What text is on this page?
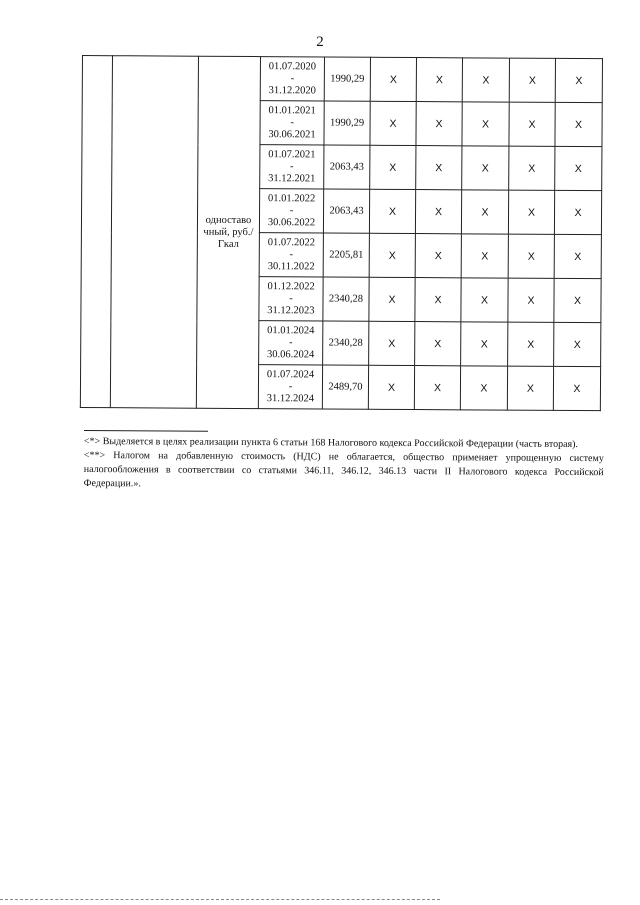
2
		одноставо чный, руб./Гкал	01.07.2020
-
31.12.2020	1990,29	X	X	X	X	X

			01.01.2021
-
30.06.2021	1990,29	X	X	X	X	X

			01.07.2021
-
31.12.2021	2063,43	X	X	X	X	X

			01.01.2022
-
30.06.2022	2063,43	X	X	X	X	X

			01.07.2022
-
30.11.2022	2205,81	X	X	X	X	X

			01.12.2022
-
31.12.2023	2340,28	X	X	X	X	X

			01.01.2024
-
30.06.2024	2340,28	X	X	X	X	X

			01.07.2024
-
31.12.2024	2489,70	X	X	X	X	X

<*> Выделяется в целях реализации пункта 6 статьи 168 Налогового кодекса Российской Федерации (часть вторая).

<**> Налогом на добавленную стоимость (НДС) не облагается, общество применяет упрощенную систему налогообложения в соответствии со статьями 346.11, 346.12, 346.13 части II Налогового кодекса Российской Федерации.».
